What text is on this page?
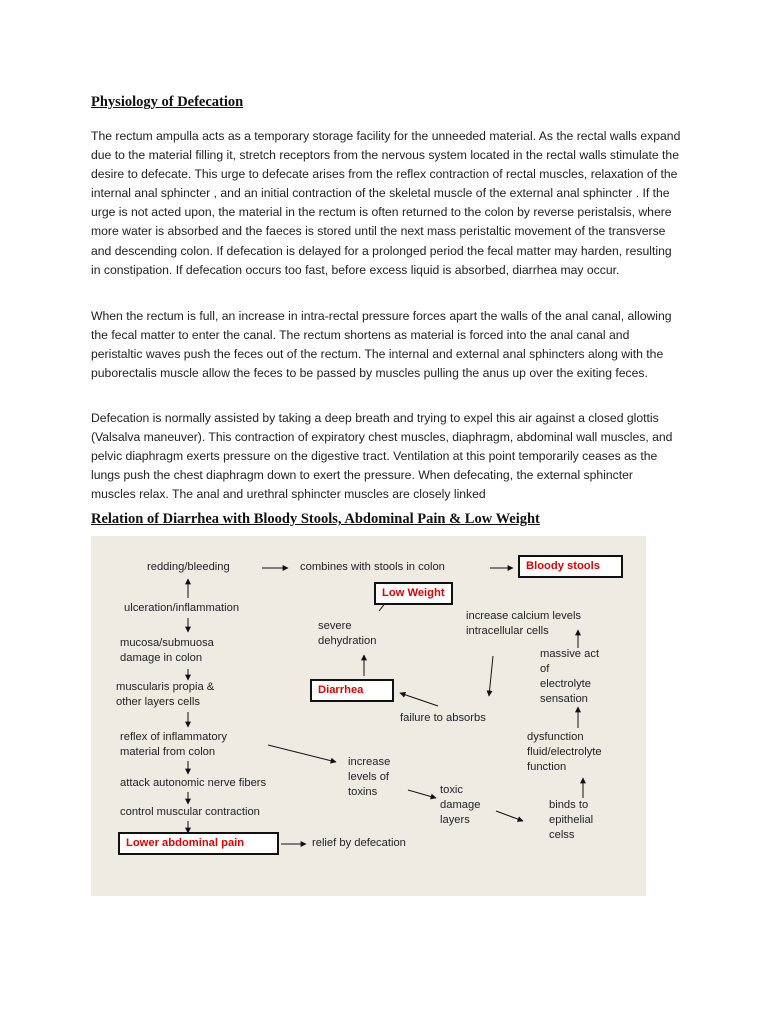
Physiology of Defecation

The rectum ampulla acts as a temporary storage facility for the unneeded material. As the rectal walls expand due to the material filling it, stretch receptors from the nervous system located in the rectal walls stimulate the desire to defecate. This urge to defecate arises from the reflex contraction of rectal muscles, relaxation of the internal anal sphincter , and an initial contraction of the skeletal muscle of the external anal sphincter . If the urge is not acted upon, the material in the rectum is often returned to the colon by reverse peristalsis, where more water is absorbed and the faeces is stored until the next mass peristaltic movement of the transverse and descending colon. If defecation is delayed for a prolonged period the fecal matter may harden, resulting in constipation. If defecation occurs too fast, before excess liquid is absorbed, diarrhea may occur.

When the rectum is full, an increase in intra-rectal pressure forces apart the walls of the anal canal, allowing the fecal matter to enter the canal. The rectum shortens as material is forced into the anal canal and peristaltic waves push the feces out of the rectum. The internal and external anal sphincters along with the puborectalis muscle allow the feces to be passed by muscles pulling the anus up over the exiting feces.

Defecation is normally assisted by taking a deep breath and trying to expel this air against a closed glottis (Valsalva maneuver). This contraction of expiratory chest muscles, diaphragm, abdominal wall muscles, and pelvic diaphragm exerts pressure on the digestive tract. Ventilation at this point temporarily ceases as the lungs push the chest diaphragm down to exert the pressure. When defecating, the external sphincter muscles relax. The anal and urethral sphincter muscles are closely linked

Relation of Diarrhea with Bloody Stools, Abdominal Pain & Low Weight
redding/bleeding	combines with stools in colon	Bloody stools
Low Weight
ulceration/inflammation
severe
dehydration
increase calcium levels
intracellular cells
mucosa/submuosa
damage in colon	massive act
of
electrolyte
sensation
muscularis propia &
other layers cells
Diarrhea
failure to absorbs
reflex of inflammatory
material from colon
dysfunction
fluid/electrolyte
function
increase
levels of
toxins
attack autonomic nerve fibers
toxic
damage
layers
binds to
epithelial
celss
control muscular contraction
Lower abdominal pain	relief by defecation
